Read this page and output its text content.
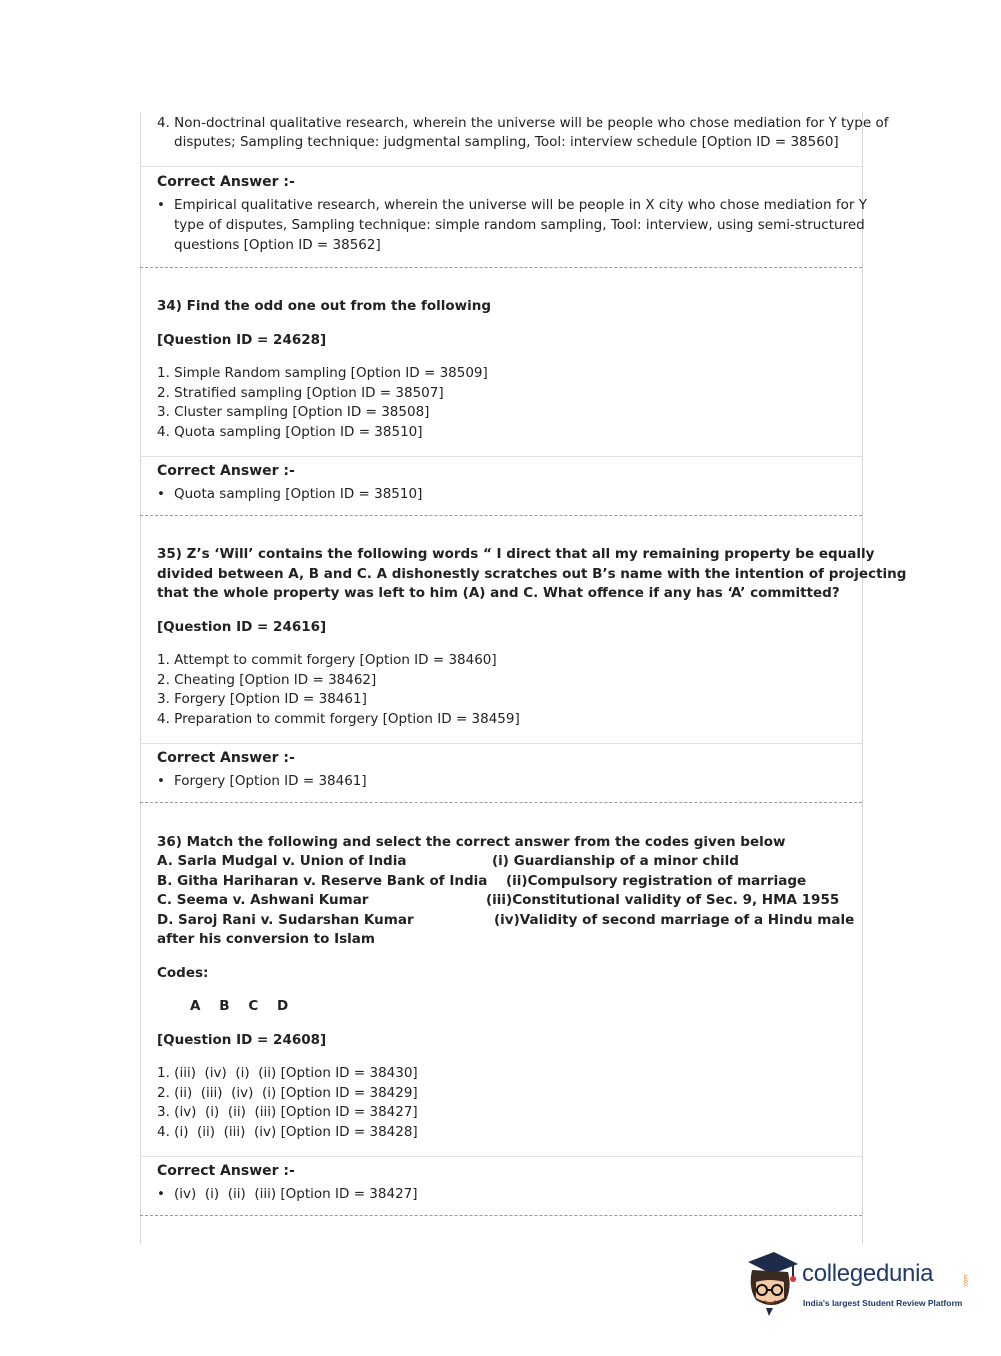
4. Non-doctrinal qualitative research, wherein the universe will be people who chose mediation for Y type of
disputes; Sampling technique: judgmental sampling, Tool: interview schedule [Option ID = 38560]
Correct Answer :-
• Empirical qualitative research, wherein the universe will be people in X city who chose mediation for Y
type of disputes, Sampling technique: simple random sampling, Tool: interview, using semi-structured
questions [Option ID = 38562]
34) Find the odd one out from the following
[Question ID = 24628]
1. Simple Random sampling [Option ID = 38509]
2. Stratified sampling [Option ID = 38507]
3. Cluster sampling [Option ID = 38508]
4. Quota sampling [Option ID = 38510]
Correct Answer :-
• Quota sampling [Option ID = 38510]
35) Z’s ‘Will’ contains the following words “ I direct that all my remaining property be equally
divided between A, B and C. A dishonestly scratches out B’s name with the intention of projecting
that the whole property was left to him (A) and C. What offence if any has ‘A’ committed?
[Question ID = 24616]
1. Attempt to commit forgery [Option ID = 38460]
2. Cheating [Option ID = 38462]
3. Forgery [Option ID = 38461]
4. Preparation to commit forgery [Option ID = 38459]
Correct Answer :-
• Forgery [Option ID = 38461]
36) Match the following and select the correct answer from the codes given below
A. Sarla Mudgal v. Union of India
B. Githa Hariharan v. Reserve Bank of India
C. Seema v. Ashwani Kumar
D. Saroj Rani v. Sudarshan Kumar
after his conversion to Islam
(i) Guardianship of a minor child
(ii)Compulsory registration of marriage
(iii)Constitutional validity of Sec. 9, HMA 1955
(iv)Validity of second marriage of a Hindu male
Codes:
A    B    C    D
[Question ID = 24608]
1. (iii)  (iv)  (i)  (ii) [Option ID = 38430]
2. (ii)  (iii)  (iv)  (i) [Option ID = 38429]
3. (iv)  (i)  (ii)  (iii) [Option ID = 38427]
4. (i)  (ii)  (iii)  (iv) [Option ID = 38428]
Correct Answer :-
• (iv)  (i)  (ii)  (iii) [Option ID = 38427]
collegedunia	.com
India's largest Student Review Platform
